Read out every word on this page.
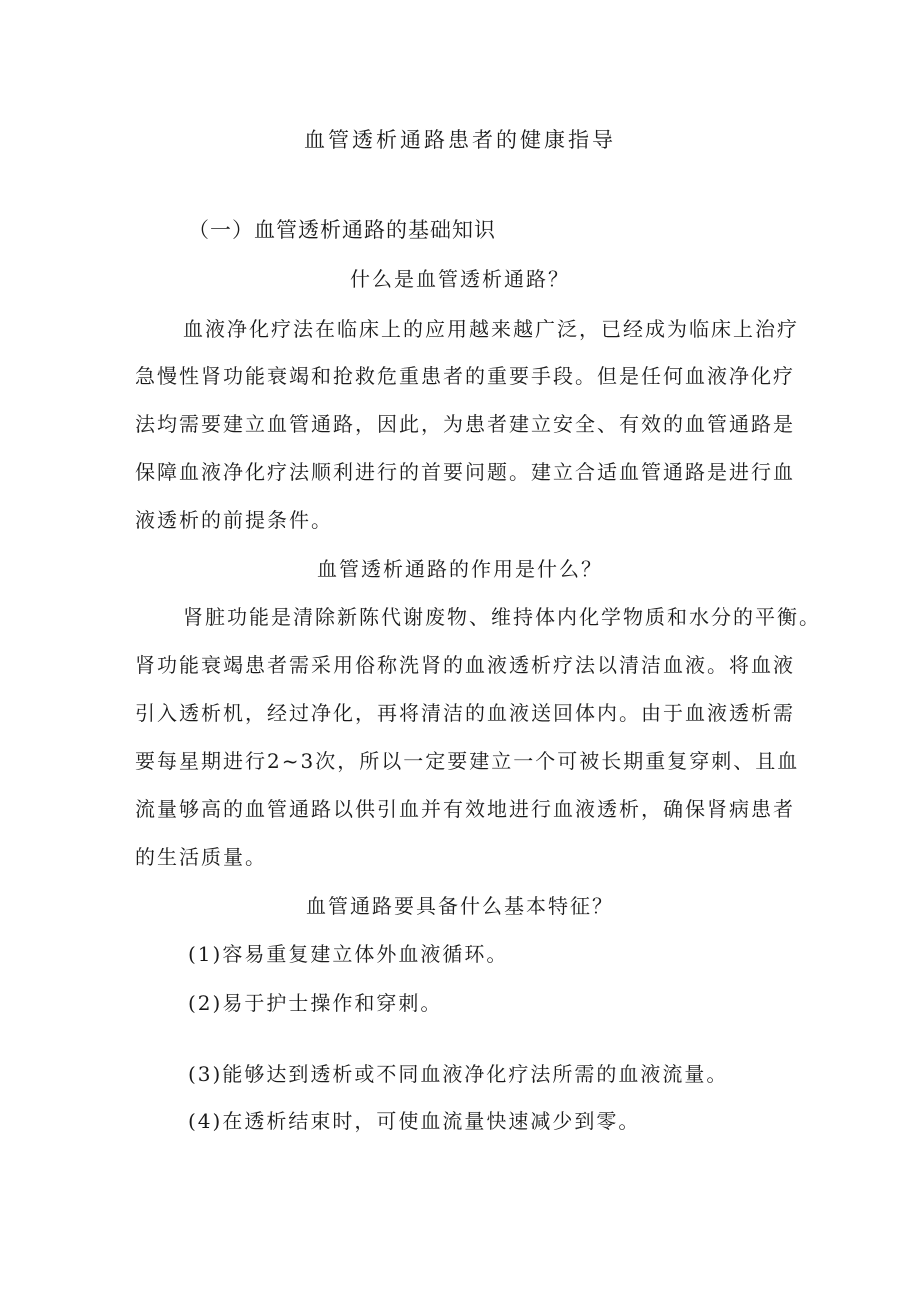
血管透析通路患者的健康指导
（一）血管透析通路的基础知识
什么是血管透析通路？
血液净化疗法在临床上的应用越来越广泛，已经成为临床上治疗
急慢性肾功能衰竭和抢救危重患者的重要手段。但是任何血液净化疗
法均需要建立血管通路，因此，为患者建立安全、有效的血管通路是
保障血液净化疗法顺利进行的首要问题。建立合适血管通路是进行血
液透析的前提条件。
血管透析通路的作用是什么？
肾脏功能是清除新陈代谢废物、维持体内化学物质和水分的平衡。
肾功能衰竭患者需采用俗称洗肾的血液透析疗法以清洁血液。将血液
引入透析机，经过净化，再将清洁的血液送回体内。由于血液透析需
要每星期进行2~3次，所以一定要建立一个可被长期重复穿刺、且血
流量够高的血管通路以供引血并有效地进行血液透析，确保肾病患者
的生活质量。
血管通路要具备什么基本特征？
(1)容易重复建立体外血液循环。
(2)易于护士操作和穿刺。
(3)能够达到透析或不同血液净化疗法所需的血液流量。
(4)在透析结束时，可使血流量快速减少到零。
